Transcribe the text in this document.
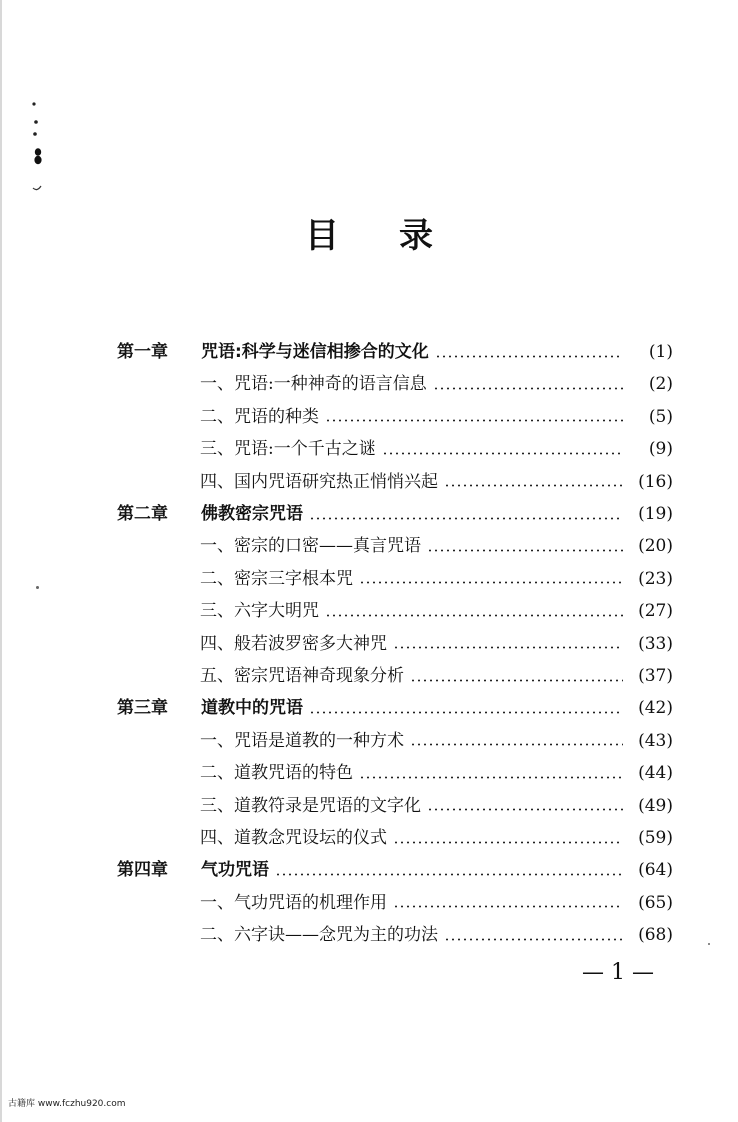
目 录
第一章	咒语:科学与迷信相掺合的文化	(1)
一、咒语:一种神奇的语言信息	(2)
二、咒语的种类	(5)
三、咒语:一个千古之谜	(9)
四、国内咒语研究热正悄悄兴起	(16)
第二章	佛教密宗咒语	(19)
一、密宗的口密——真言咒语	(20)
二、密宗三字根本咒	(23)
三、六字大明咒	(27)
四、般若波罗密多大神咒	(33)
五、密宗咒语神奇现象分析	(37)
第三章	道教中的咒语	(42)
一、咒语是道教的一种方术	(43)
二、道教咒语的特色	(44)
三、道教符录是咒语的文字化	(49)
四、道教念咒设坛的仪式	(59)
第四章	气功咒语	(64)
一、气功咒语的机理作用	(65)
二、六字诀——念咒为主的功法	(68)
— 1 —
古籍库 www.fczhu920.com
